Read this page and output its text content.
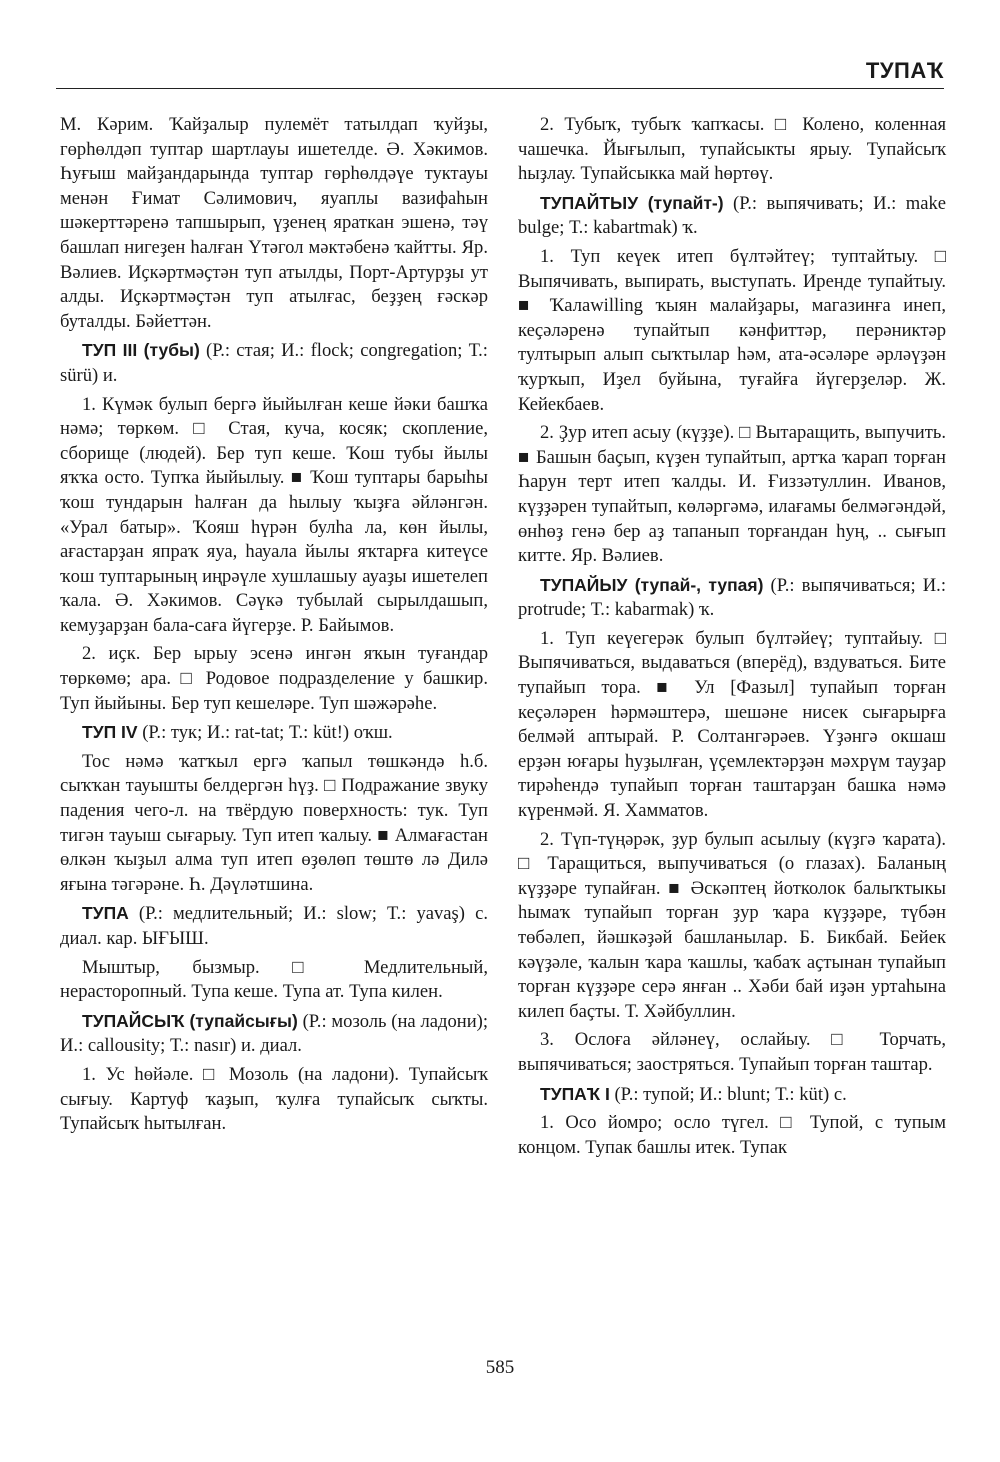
ТУПАҠ

М. Кәрим. Ҡайҙалыр пулемёт татылдап ҡуйҙы, гөрһөлдәп туптар шартлауы ишетелде. Ә. Хәкимов. Һуғыш майҙандарында туптар гөрһөлдәүе туктауы менән Ғимат Сәлимович, яуаплы вазифаһын шәкерттәренә тапшырып, үҙенең яраткан эшенә, тәү башлап нигеҙен һалған Үтәгол мәктәбенә ҡайтты. Яр. Вәлиев. Иҫкәртмәҫтән туп атылды, Порт-Артурҙы ут алды. Иҫкәртмәҫтән туп атылғас, беҙҙең ғәскәр буталды. Бәйеттән.

ТУП III (тубы) (Р.: стая; И.: flock; congregation; Т.: sürü) и.

1. Күмәк булып бергә йыйылған кеше йәки башҡа нәмә; төркөм. □ Стая, куча, косяк; скопление, сборище (людей). Бер туп кеше. Ҡош тубы йылы яҡҡа осто. Тупҡа йыйылыу. ■ Ҡош туптары барыһы ҡош тундарын һалған да һылыу ҡыҙға әйләнгән. «Урал батыр». Ҡояш һүрән булһа ла, көн йылы, ағастарҙан япраҡ яуа, һауала йылы яҡтарға китеүсе ҡош туптарының иңрәүле хушлашыу ауаҙы ишетелеп ҡала. Ә. Хәкимов. Сәүкә тубылай сырылдашып, кемуҙарҙан бала-саға йүгерҙе. Р. Байымов.

2. иҫк. Бер ырыу эсенә ингән яҡын туғандар төркөмө; ара. □ Родовое подразделение у башкир. Туп йыйыны. Бер туп кешеләре. Туп шәжәрәһе.

ТУП IV (Р.: тук; И.: rat-tat; Т.: küt!) оҡш.

Тос нәмә ҡатҡыл ергә ҡапыл төшкәндә һ.б. сыҡҡан тауышты белдергән һүҙ. □ Подражание звуку падения чего-л. на твёрдую поверхность: тук. Туп тигән тауыш сығарыу. Туп итеп ҡалыу. ■ Алмағастан өлкән ҡыҙыл алма туп итеп өҙөлөп төштө лә Дилә яғына тәгәрәне. Һ. Дәүләтшина.

ТУПА (Р.: медлительный; И.: slow; Т.: yavaş) с. диал. кар. ЫҒЫШ.

Мыштыр, бызмыр. □ Медлительный, нерасторопный. Тупа кеше. Тупа ат. Тупа килен.

ТУПАЙСЫҠ (тупайсығы) (Р.: мозоль (на ладони); И.: callousity; Т.: nasır) и. диал.

1. Ус һөйәле. □ Мозоль (на ладони). Тупайсыҡ сығыу. Картуф ҡаҙып, ҡулға тупайсыҡ сыҡты. Тупайсыҡ һытылған.

2. Тубыҡ, тубыҡ ҡапҡасы. □ Колено, коленная чашечка. Йығылып, тупайсыкты ярыу. Тупайсыҡ һыҙлау. Тупайсыкка май һөртөү.

ТУПАЙТЫУ (тупайт-) (Р.: выпячивать; И.: make bulge; Т.: kabartmak) ҡ.

1. Туп кеүек итеп бүлтәйтеү; туптайтыу. □ Выпячивать, выпирать, выступать. Иренде тупайтыу. ■ Ҡалаwilling ҡыян малайҙары, магазинға инеп, кеҫәләренә тупайтып кәнфиттәр, перәниктәр тултырып алып сыҡтылар һәм, ата-әсәләре әрләүҙән ҡурҡып, Иҙел буйына, туғайға йүгерҙеләр. Ж. Кейекбаев.

2. Ҙур итеп асыу (күҙҙе). □ Вытаращить, выпучить. ■ Башын баҫып, күҙен тупайтып, артҡа ҡарап торған Һарун терт итеп ҡалды. И. Ғиззәтуллин. Иванов, күҙҙәрен тупайтып, көләргәмә, илағамы белмәгәндәй, өнһөҙ генә бер аҙ тапанып торғандан һуң, .. сығып китте. Яр. Вәлиев.

ТУПАЙЫУ (тупай-, тупая) (Р.: выпячиваться; И.: protrude; Т.: kabarmak) ҡ.

1. Туп кеүегерәк булып бүлтәйеү; туптайыу. □ Выпячиваться, выдаваться (вперёд), вздуваться. Бите тупайып тора. ■ Ул [Фазыл] тупайып торған кеҫәләрен һәрмәштерә, шешәне нисек сығарырға белмәй аптырай. Р. Солтангәрәев. Үҙәнгә окшаш ерҙән юғары һуҙылған, үҫемлектәрҙән мәхрүм тауҙар тирәһендә тупайып торған таштарҙан башка нәмә күренмәй. Я. Хамматов.

2. Түп-түңәрәк, ҙур булып асылыу (күҙгә ҡарата). □ Таращиться, выпучиваться (о глазах). Баланың күҙҙәре тупайған. ■ Әскәптең йотколок балыҡтыкы һымаҡ тупайып торған ҙур ҡара күҙҙәре, түбән төбәлеп, йәшкәҙәй башланылар. Б. Бикбай. Бейек кәүҙәле, ҡалын ҡара ҡашлы, ҡабаҡ аҫтынан тупайып торған күҙҙәре серә янған .. Хәби бай иҙән уртаһына килеп баҫты. Т. Хәйбуллин.

3. Ослоға әйләнеү, ослайыу. □ Торчать, выпячиваться; заостряться. Тупайып торған таштар.

ТУПАҠ I (Р.: тупой; И.: blunt; Т.: küt) с.

1. Осо йомро; осло түгел. □ Тупой, с тупым концом. Тупак башлы итек. Тупак

585
